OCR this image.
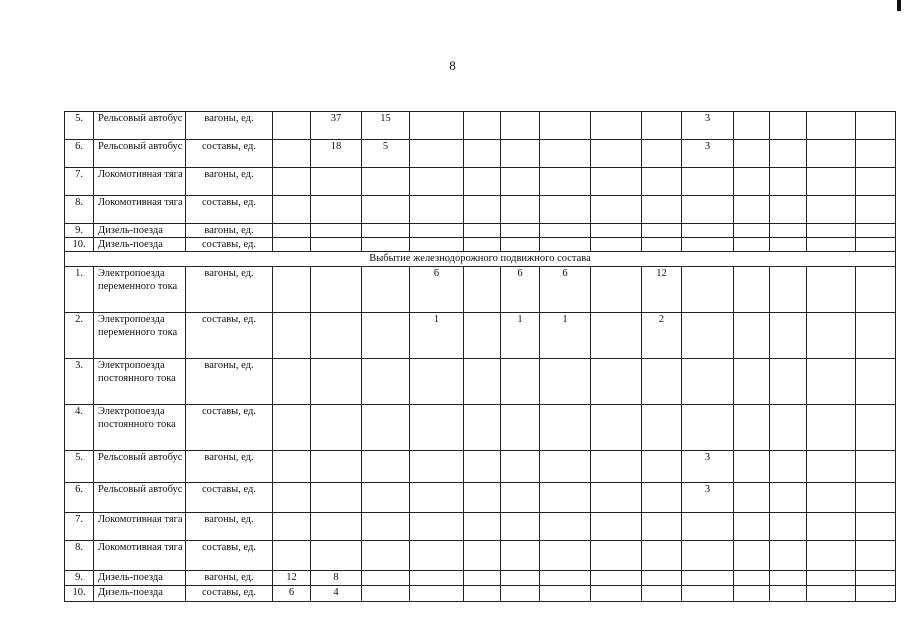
8
5.	Рельсовый автобус	вагоны, ед.		37	15							3				
6.	Рельсовый автобус	составы, ед.		18	5							3				
7.	Локомотивная тяга	вагоны, ед.														
8.	Локомотивная тяга	составы, ед.														
9.	Дизель-поезда	вагоны, ед.														
10.	Дизель-поезда	составы, ед.														
Выбытие железнодорожного подвижного состава																
1.	Электропоезда переменного тока	вагоны, ед.				6		6	6		12					
2.	Электропоезда переменного тока	составы, ед.				1		1	1		2					
3.	Электропоезда постоянного тока	вагоны, ед.														
4.	Электропоезда постоянного тока	составы, ед.														
5.	Рельсовый автобус	вагоны, ед.										3				
6.	Рельсовый автобус	составы, ед.										3				
7.	Локомотивная тяга	вагоны, ед.														
8.	Локомотивная тяга	составы, ед.														
9.	Дизель-поезда	вагоны, ед.	12	8												
10.	Дизель-поезда	составы, ед.	6	4												
